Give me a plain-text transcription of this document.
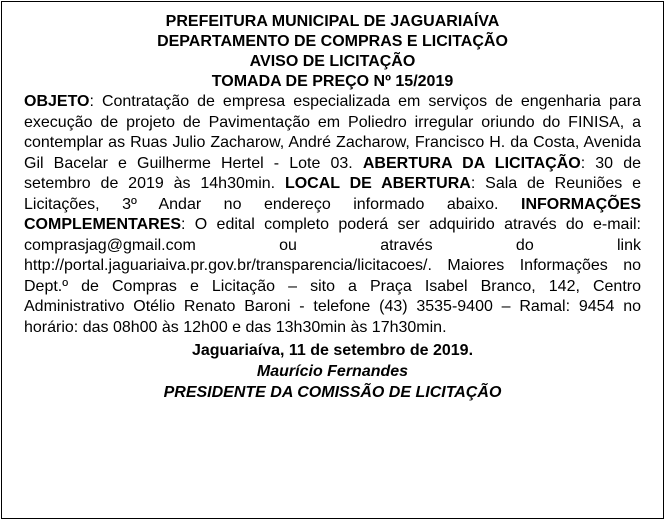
PREFEITURA MUNICIPAL DE JAGUARIAÍVA
DEPARTAMENTO DE COMPRAS E LICITAÇÃO
AVISO DE LICITAÇÃO
TOMADA DE PREÇO Nº 15/2019
OBJETO: Contratação de empresa especializada em serviços de engenharia para execução de projeto de Pavimentação em Poliedro irregular oriundo do FINISA, a contemplar as Ruas Julio Zacharow, André Zacharow, Francisco H. da Costa, Avenida Gil Bacelar e Guilherme Hertel - Lote 03. ABERTURA DA LICITAÇÃO: 30 de setembro de 2019 às 14h30min. LOCAL DE ABERTURA: Sala de Reuniões e Licitações, 3º Andar no endereço informado abaixo. INFORMAÇÕES COMPLEMENTARES: O edital completo poderá ser adquirido através do e-mail: comprasjag@gmail.com ou através do link http://portal.jaguariaiva.pr.gov.br/transparencia/licitacoes/. Maiores Informações no Dept.º de Compras e Licitação – sito a Praça Isabel Branco, 142, Centro Administrativo Otélio Renato Baroni - telefone (43) 3535-9400 – Ramal: 9454 no horário: das 08h00 às 12h00 e das 13h30min às 17h30min.
Jaguariaíva, 11 de setembro de 2019.
Maurício Fernandes
PRESIDENTE DA COMISSÃO DE LICITAÇÃO
